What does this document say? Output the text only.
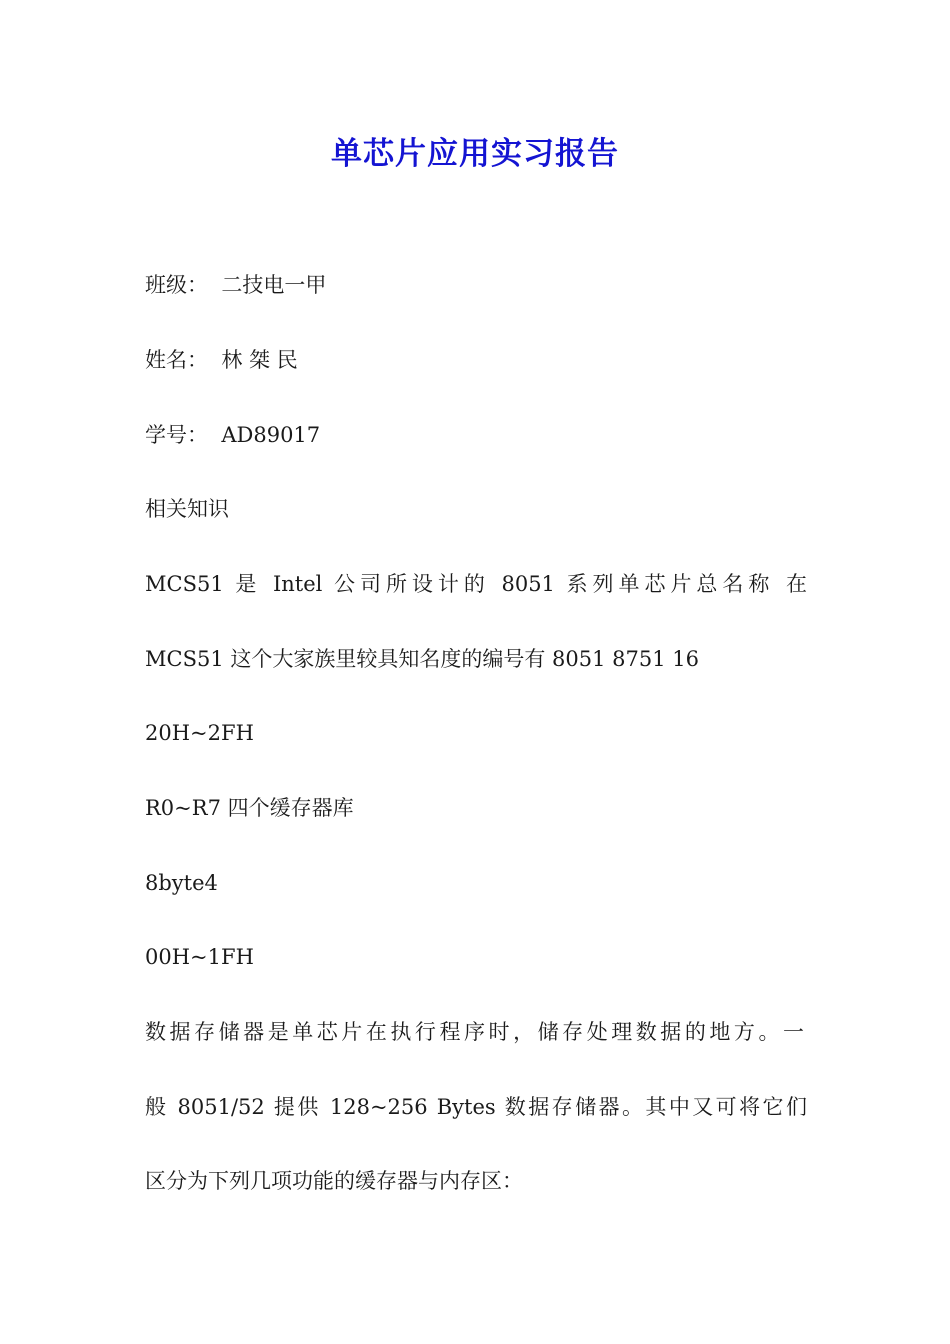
单芯片应用实习报告

班级：  二技电一甲

姓名：  林 桀 民

学号：  AD89017

相关知识

MCS51 是 Intel 公司所设计的 8051 系列单芯片总名称 在

MCS51 这个大家族里较具知名度的编号有 8051 8751 16

20H~2FH

R0~R7 四个缓存器库

8byte4

00H~1FH

数据存储器是单芯片在执行程序时，储存处理数据的地方。一

般 8051/52 提供 128~256 Bytes 数据存储器。其中又可将它们

区分为下列几项功能的缓存器与内存区：
